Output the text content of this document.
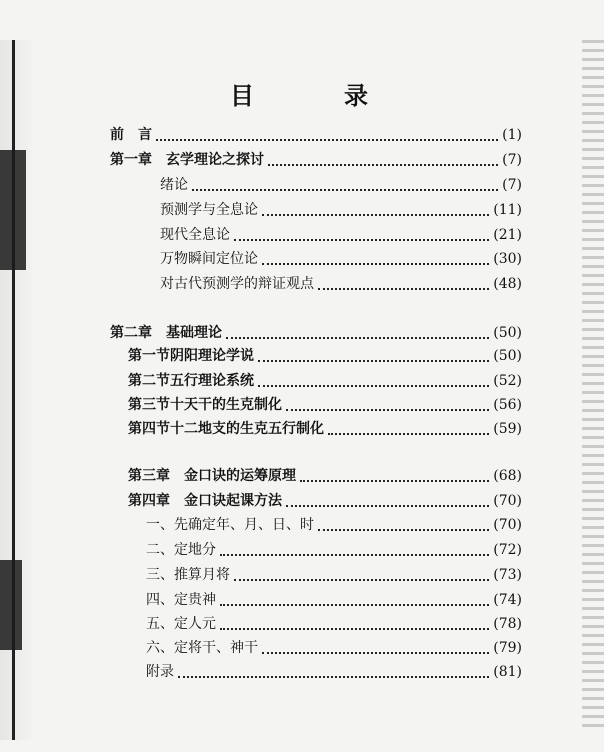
目	录
前　言	(1)
第一章　玄学理论之探讨	(7)
绪论	(7)
预测学与全息论	(11)
现代全息论	(21)
万物瞬间定位论	(30)
对古代预测学的辩证观点	(48)
第二章　基础理论	(50)
第一节阴阳理论学说	(50)
第二节五行理论系统	(52)
第三节十天干的生克制化	(56)
第四节十二地支的生克五行制化	(59)
第三章　金口诀的运筹原理	(68)
第四章　金口诀起课方法	(70)
一、先确定年、月、日、时	(70)
二、定地分	(72)
三、推算月将	(73)
四、定贵神	(74)
五、定人元	(78)
六、定将干、神干	(79)
附录	(81)
